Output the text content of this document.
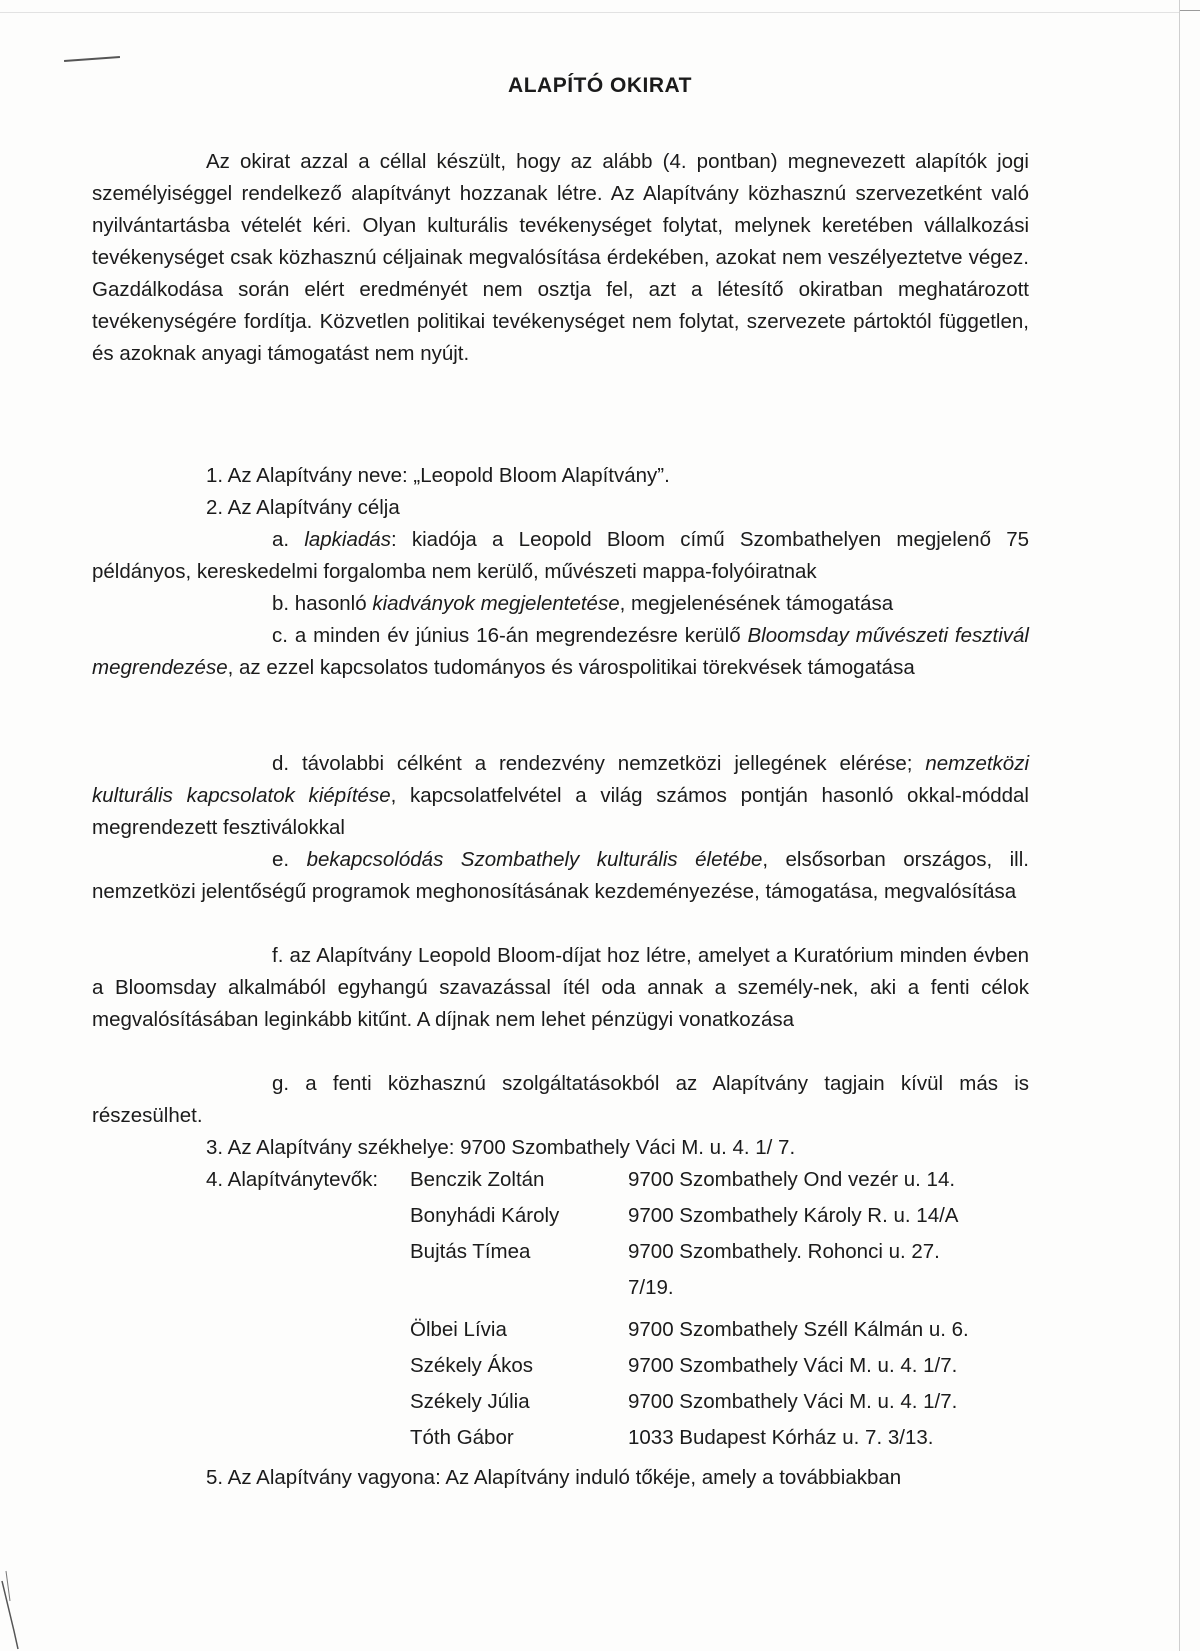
ALAPÍTÓ OKIRAT
Az okirat azzal a céllal készült, hogy az alább (4. pontban) megnevezett alapítók jogi személyiséggel rendelkező alapítványt hozzanak létre. Az Alapítvány közhasznú szervezetként való nyilvántartásba vételét kéri. Olyan kulturális tevékenységet folytat, melynek keretében vállalkozási tevékenységet csak közhasznú céljainak megvalósítása érdekében, azokat nem veszélyeztetve végez. Gazdálkodása során elért eredményét nem osztja fel, azt a létesítő okiratban meghatározott tevékenységére fordítja. Közvetlen politikai tevékenységet nem folytat, szervezete pártoktól független, és azoknak anyagi támogatást nem nyújt.
1. Az Alapítvány neve: „Leopold Bloom Alapítvány”.
2. Az Alapítvány célja
a. lapkiadás: kiadója a Leopold Bloom című Szombathelyen megjelenő 75 példányos, kereskedelmi forgalomba nem kerülő, művészeti mappa-folyóiratnak
b. hasonló kiadványok megjelentetése, megjelenésének támogatása
c. a minden év június 16-án megrendezésre kerülő Bloomsday művészeti fesztivál megrendezése, az ezzel kapcsolatos tudományos és várospolitikai törekvések támogatása
d. távolabbi célként a rendezvény nemzetközi jellegének elérése; nemzetközi kulturális kapcsolatok kiépítése, kapcsolatfelvétel a világ számos pontján hasonló okkal-móddal megrendezett fesztiválokkal
e. bekapcsolódás Szombathely kulturális életébe, elsősorban országos, ill. nemzetközi jelentőségű programok meghonosításának kezdeményezése, támogatása, megvalósítása
f. az Alapítvány Leopold Bloom-díjat hoz létre, amelyet a Kuratórium minden évben a Bloomsday alkalmából egyhangú szavazással ítél oda annak a személy-nek, aki a fenti célok megvalósításában leginkább kitűnt. A díjnak nem lehet pénzügyi vonatkozása
g. a fenti közhasznú szolgáltatásokból az Alapítvány tagjain kívül más is részesülhet.
3. Az Alapítvány székhelye: 9700 Szombathely Váci M. u. 4. 1/ 7.
4. Alapítványtevők: Benczik Zoltán	9700 Szombathely Ond vezér u. 14.
Bonyhádi Károly	9700 Szombathely Károly R. u. 14/A
Bujtás Tímea	9700 Szombathely. Rohonci u. 27.
7/19.
Ölbei Lívia	9700 Szombathely Széll Kálmán u. 6.
Székely Ákos	9700 Szombathely Váci M. u. 4. 1/7.
Székely Júlia	9700 Szombathely Váci M. u. 4. 1/7.
Tóth Gábor	1033 Budapest Kórház u. 7. 3/13.
5. Az Alapítvány vagyona: Az Alapítvány induló tőkéje, amely a továbbiakban
